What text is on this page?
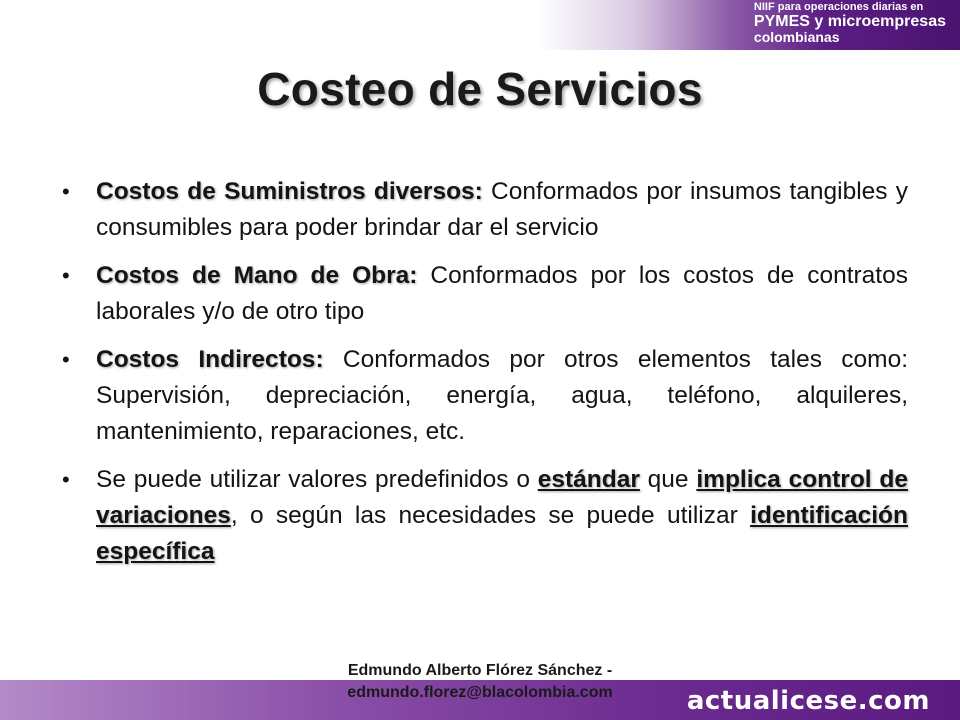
NIIF para operaciones diarias en
PYMES y microempresas
colombianas
Costeo de Servicios
• Costos de Suministros diversos: Conformados por insumos tangibles y consumibles para poder brindar dar el servicio
• Costos de Mano de Obra: Conformados por los costos de contratos laborales y/o de otro tipo
• Costos Indirectos: Conformados por otros elementos tales como: Supervisión, depreciación, energía, agua, teléfono, alquileres, mantenimiento, reparaciones, etc.
• Se puede utilizar valores predefinidos o estándar que implica control de variaciones, o según las necesidades se puede utilizar identificación específica
Edmundo Alberto Flórez Sánchez -
edmundo.florez@blacolombia.com	actualicese.com
